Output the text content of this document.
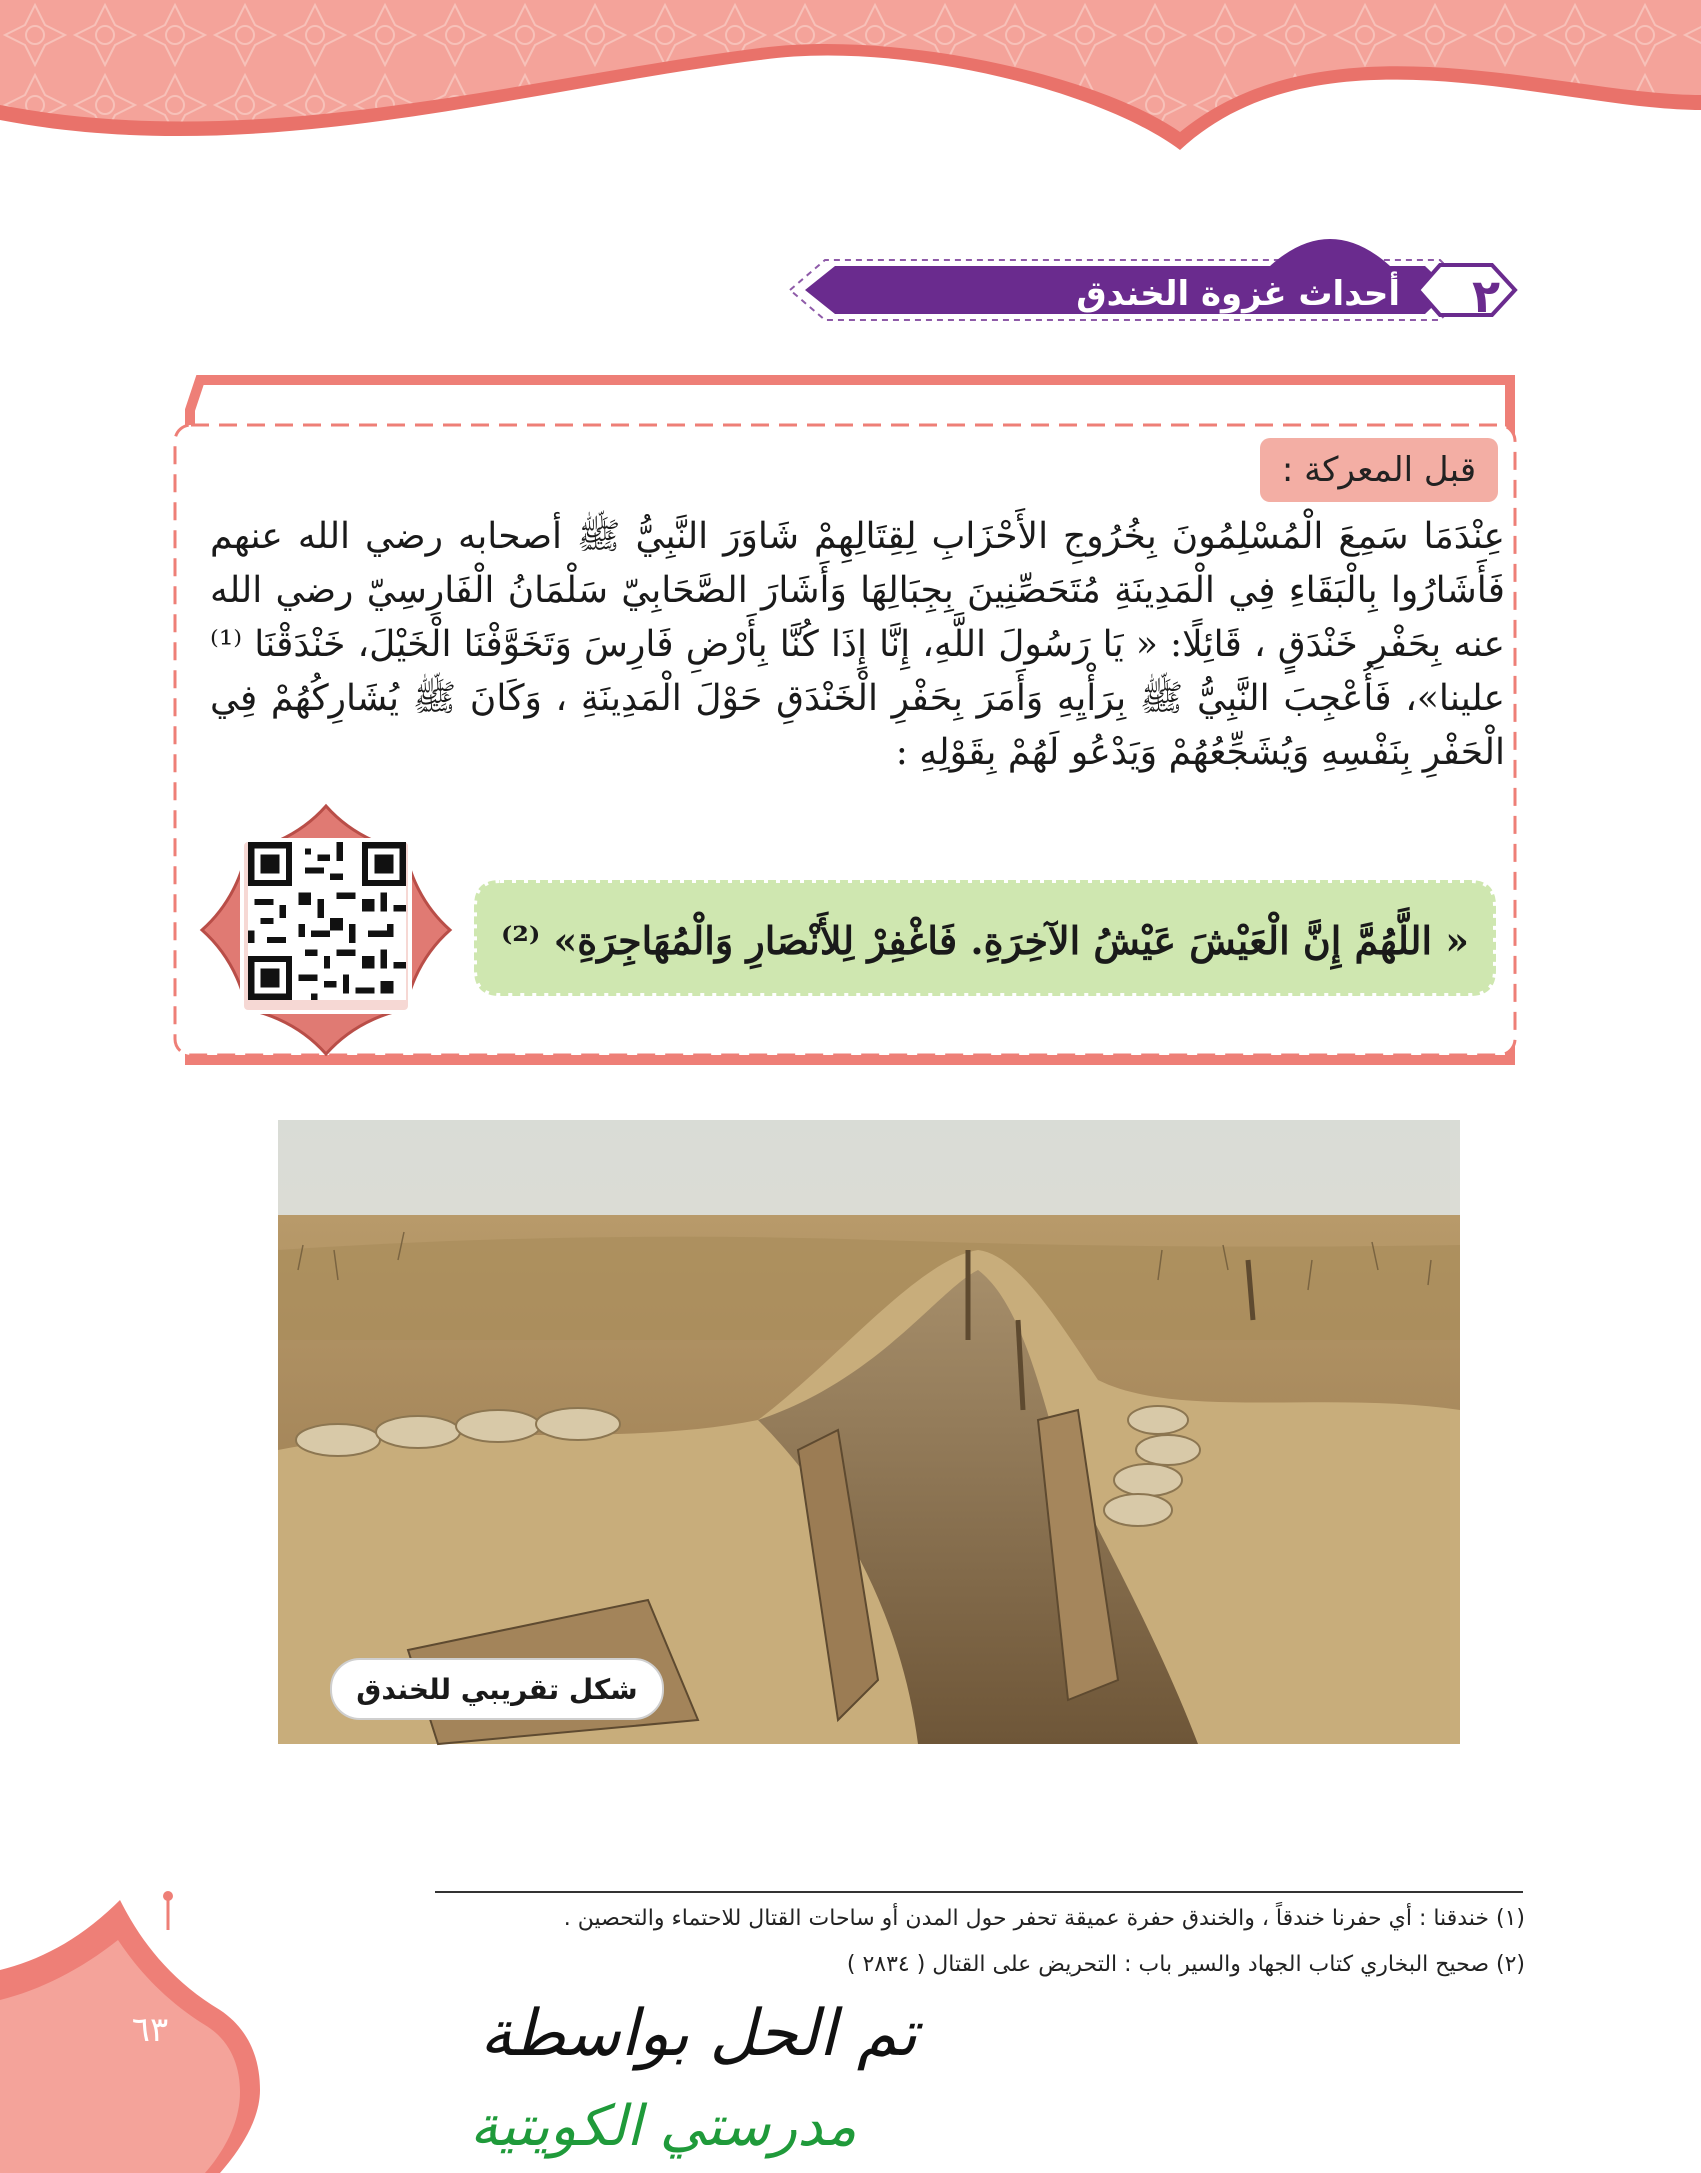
٢
أحداث غزوة الخندق
قبل المعركة :
عِنْدَمَا سَمِعَ الْمُسْلِمُونَ بِخُرُوجِ الأَحْزَابِ لِقِتَالِهِمْ شَاوَرَ النَّبِيُّ ﷺ أصحابه رضي الله عنهم فَأَشَارُوا بِالْبَقَاءِ فِي الْمَدِينَةِ مُتَحَصِّنِينَ بِجِبَالِهَا وَأَشَارَ الصَّحَابِيّ سَلْمَانُ الْفَارِسِيّ رضي الله عنه بِحَفْرِ خَنْدَقٍ ، قَائِلًا: « يَا رَسُولَ اللَّهِ، إِنَّا إِذَا كُنَّا بِأَرْضِ فَارِسَ وَتَخَوَّفْنَا الْخَيْلَ، خَنْدَقْنَا ⁽¹⁾ علينا»، فَأُعْجِبَ النَّبِيُّ ﷺ بِرَأْيِهِ وَأَمَرَ بِحَفْرِ الْخَنْدَقِ حَوْلَ الْمَدِينَةِ ، وَكَانَ ﷺ يُشَارِكُهُمْ فِي الْحَفْرِ بِنَفْسِهِ وَيُشَجِّعُهُمْ وَيَدْعُو لَهُمْ بِقَوْلِهِ :
« اللَّهُمَّ إِنَّ الْعَيْشَ عَيْشُ الآخِرَةِ. فَاغْفِرْ لِلأَنْصَارِ وَالْمُهَاجِرَةِ» ⁽²⁾
شكل تقريبي للخندق
(١) خندقنا : أي حفرنا خندقاً ، والخندق حفرة عميقة تحفر حول المدن أو ساحات القتال للاحتماء والتحصين .
(٢) صحيح البخاري كتاب الجهاد والسير باب : التحريض على القتال ( ٢٨٣٤ )
٦٣	تم الحل بواسطة
مدرستي الكويتية
